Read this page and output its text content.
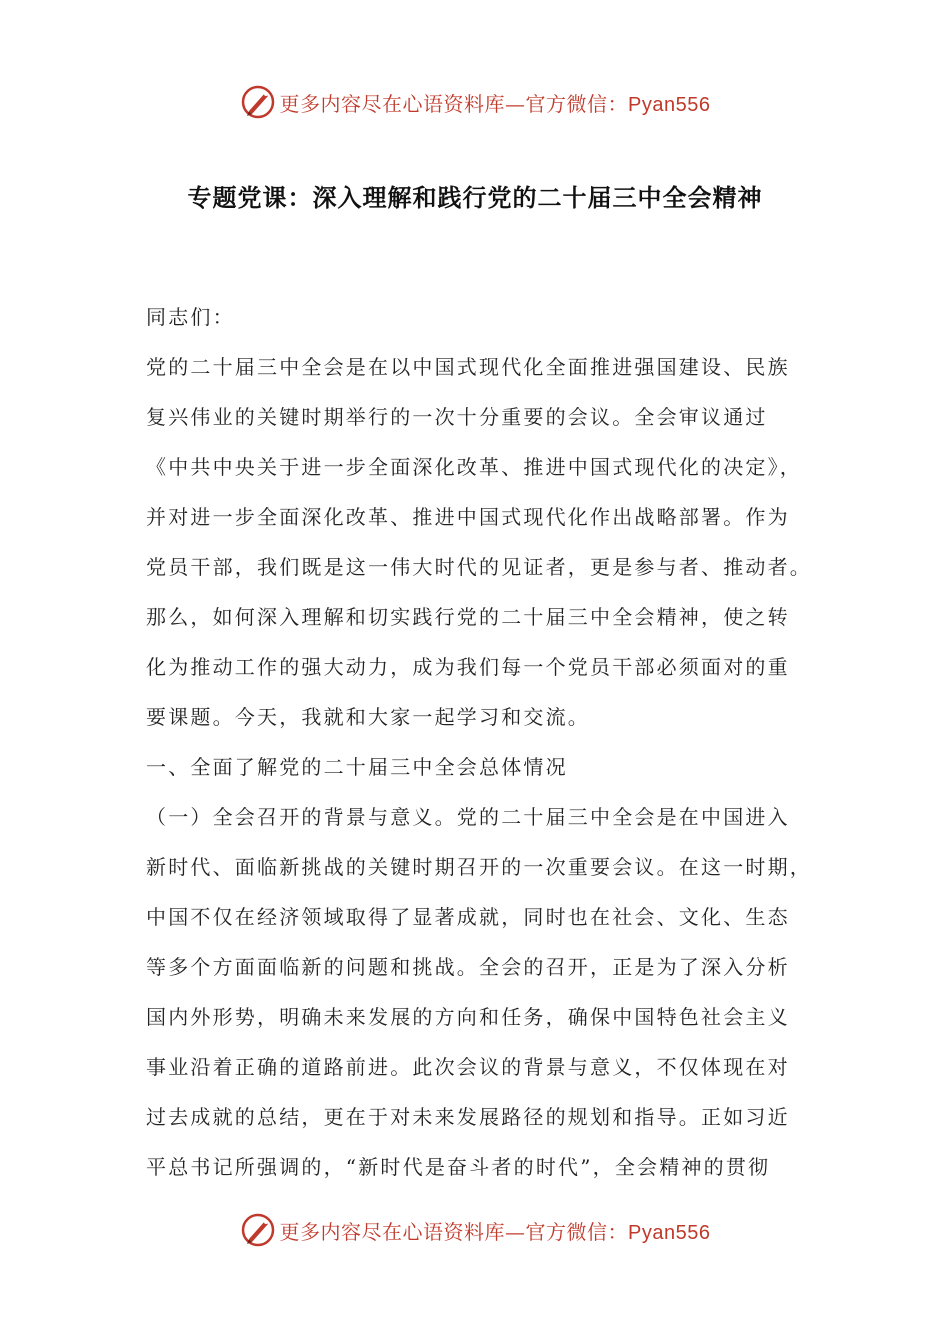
更多内容尽在心语资料库—官方微信：Pyan556
专题党课：深入理解和践行党的二十届三中全会精神
同志们：
党的二十届三中全会是在以中国式现代化全面推进强国建设、民族
复兴伟业的关键时期举行的一次十分重要的会议。全会审议通过
《中共中央关于进一步全面深化改革、推进中国式现代化的决定》，
并对进一步全面深化改革、推进中国式现代化作出战略部署。作为
党员干部，我们既是这一伟大时代的见证者，更是参与者、推动者。
那么，如何深入理解和切实践行党的二十届三中全会精神，使之转
化为推动工作的强大动力，成为我们每一个党员干部必须面对的重
要课题。今天，我就和大家一起学习和交流。
一、全面了解党的二十届三中全会总体情况
（一）全会召开的背景与意义。党的二十届三中全会是在中国进入
新时代、面临新挑战的关键时期召开的一次重要会议。在这一时期，
中国不仅在经济领域取得了显著成就，同时也在社会、文化、生态
等多个方面面临新的问题和挑战。全会的召开，正是为了深入分析
国内外形势，明确未来发展的方向和任务，确保中国特色社会主义
事业沿着正确的道路前进。此次会议的背景与意义，不仅体现在对
过去成就的总结，更在于对未来发展路径的规划和指导。正如习近
平总书记所强调的，“新时代是奋斗者的时代”，全会精神的贯彻
更多内容尽在心语资料库—官方微信：Pyan556
